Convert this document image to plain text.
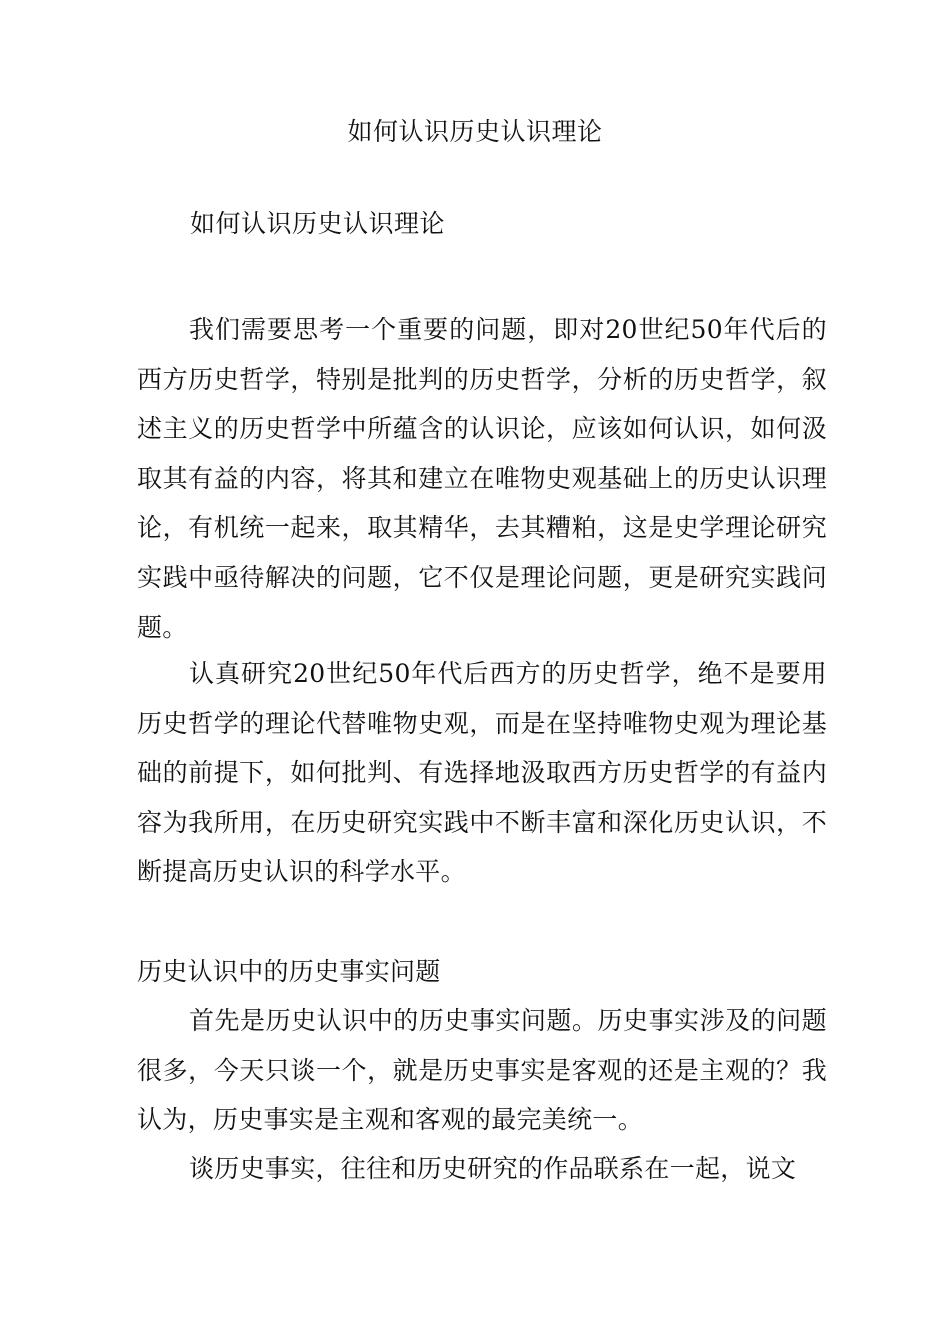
如何认识历史认识理论
如何认识历史认识理论

我们需要思考一个重要的问题，即对20世纪50年代后的西方历史哲学，特别是批判的历史哲学，分析的历史哲学，叙述主义的历史哲学中所蕴含的认识论，应该如何认识，如何汲取其有益的内容，将其和建立在唯物史观基础上的历史认识理论，有机统一起来，取其精华，去其糟粕，这是史学理论研究实践中亟待解决的问题，它不仅是理论问题，更是研究实践问题。

认真研究20世纪50年代后西方的历史哲学，绝不是要用历史哲学的理论代替唯物史观，而是在坚持唯物史观为理论基础的前提下，如何批判、有选择地汲取西方历史哲学的有益内容为我所用，在历史研究实践中不断丰富和深化历史认识，不断提高历史认识的科学水平。

历史认识中的历史事实问题

首先是历史认识中的历史事实问题。历史事实涉及的问题很多，今天只谈一个，就是历史事实是客观的还是主观的？我认为，历史事实是主观和客观的最完美统一。

谈历史事实，往往和历史研究的作品联系在一起，说文
